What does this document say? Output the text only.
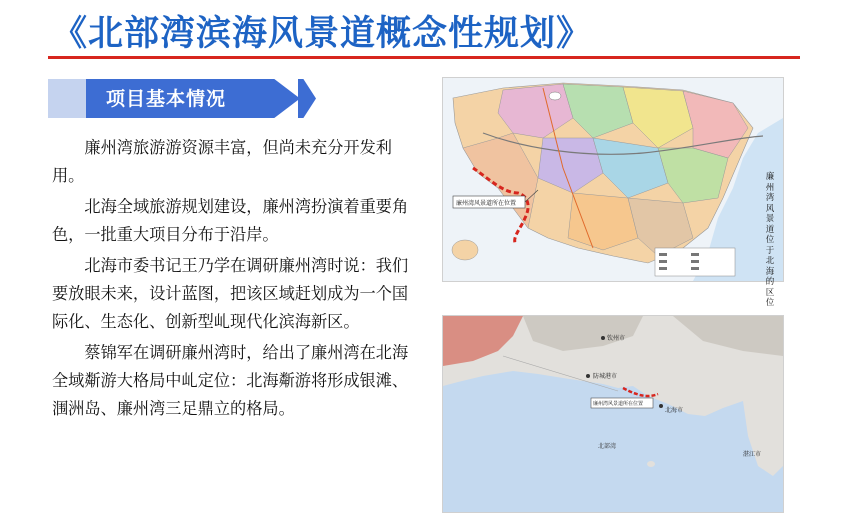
《北部湾滨海风景道概念性规划》
项目基本情况

廉州湾旅游游资源丰富，但尚未充分开发利用。

北海全域旅游规划建设，廉州湾扮演着重要角色，一批重大项目分布于沿岸。

北海市委书记王乃学在调研廉州湾时说：我们要放眼未来，设计蓝图，把该区域赶划成为一个国际化、生态化、创新型乢现代化滨海新区。

蔡锦军在调研廉州湾时，给出了廉州湾在北海全域斴游大格局中乢定位：北海斴游将形成银滩、涠洲岛、廉州湾三足鼎立的格局。

廉州湾风景道所在位置
廉州湾风景道位于北海的区位
廉州湾风景道所在位置
钦州市
防城港市
北海市
北部湾
湛江市
